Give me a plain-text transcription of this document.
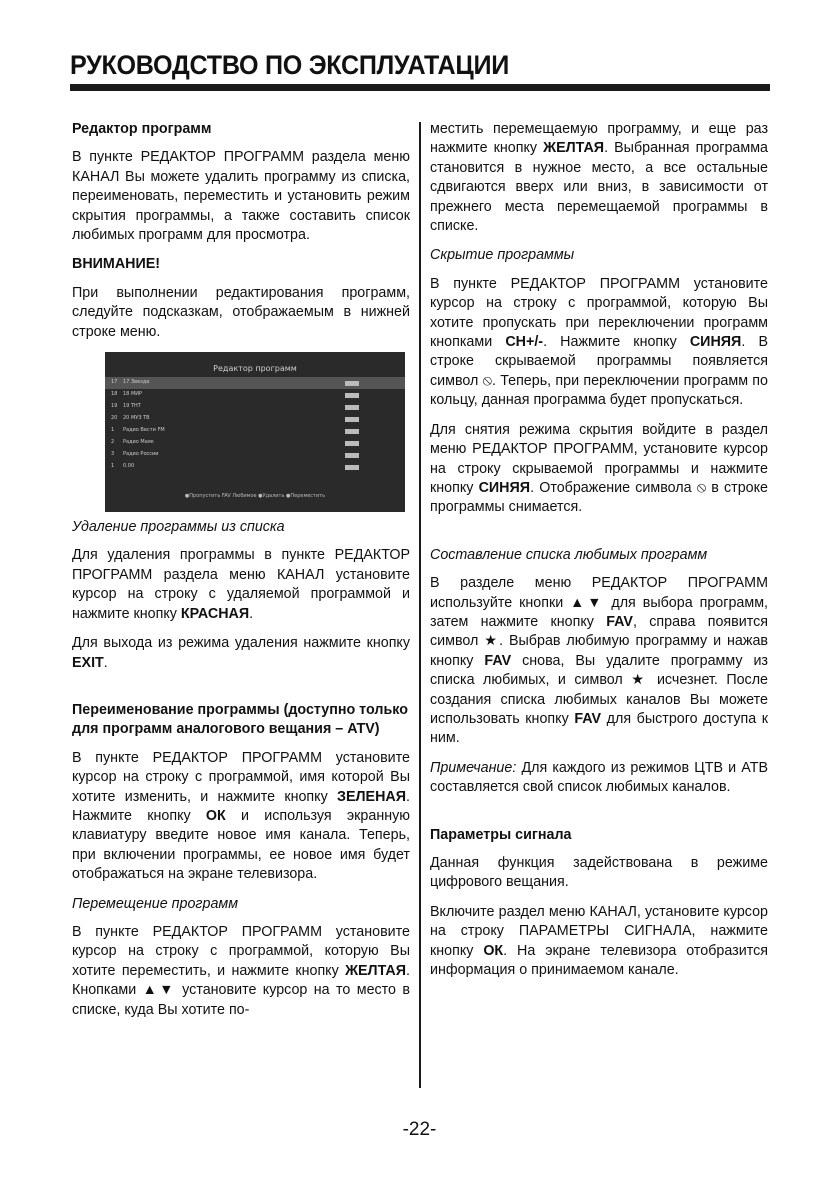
РУКОВОДСТВО ПО ЭКСПЛУАТАЦИИ
Редактор программ

В пункте РЕДАКТОР ПРОГРАММ раздела меню КАНАЛ Вы можете удалить программу из списка, переименовать, переместить и установить режим скрытия программы, а также составить список любимых программ для просмотра.

ВНИМАНИЕ!

При выполнении редактирования программ, следуйте подсказкам, отображаемым в нижней строке меню.

Редактор программ
17	17 Звезда
18	18 МИР
19	19 ТНТ
20	20 МУЗ ТВ
1	Радио Вести FM
2	Радио Маяк
3	Радио России
1	0.00
●Пропустить FAV Любимое ●Удалить ●Переместить

Удаление программы из списка

Для удаления программы в пункте РЕДАКТОР ПРОГРАММ раздела меню КАНАЛ установите курсор на строку с удаляемой программой и нажмите кнопку КРАСНАЯ.

Для выхода из режима удаления нажмите кнопку EXIT.

Переименование программы (доступно только для программ аналогового вещания – ATV)

В пункте РЕДАКТОР ПРОГРАММ установите курсор на строку с программой, имя которой Вы хотите изменить, и нажмите кнопку ЗЕЛЕНАЯ. Нажмите кнопку ОК и используя экранную клавиатуру введите новое имя канала. Теперь, при включении программы, ее новое имя будет отображаться на экране телевизора.

Перемещение программ

В пункте РЕДАКТОР ПРОГРАММ установите курсор на строку с программой, которую Вы хотите переместить, и нажмите кнопку ЖЕЛТАЯ. Кнопками ▲▼ установите курсор на то место в списке, куда Вы хотите по-

местить перемещаемую программу, и еще раз нажмите кнопку ЖЕЛТАЯ. Выбранная программа становится в нужное место, а все остальные сдвигаются вверх или вниз, в зависимости от прежнего места перемещаемой программы в списке.

Скрытие программы

В пункте РЕДАКТОР ПРОГРАММ установите курсор на строку с программой, которую Вы хотите пропускать при переключении программ кнопками CH+/-. Нажмите кнопку СИНЯЯ. В строке скрываемой программы появляется символ ⦸. Теперь, при переключении программ по кольцу, данная программа будет пропускаться.

Для снятия режима скрытия войдите в раздел меню РЕДАКТОР ПРОГРАММ, установите курсор на строку скрываемой программы и нажмите кнопку СИНЯЯ. Отображение символа ⦸ в строке программы снимается.

Составление списка любимых программ

В разделе меню РЕДАКТОР ПРОГРАММ используйте кнопки ▲▼ для выбора программ, затем нажмите кнопку FAV, справа появится символ ★. Выбрав любимую программу и нажав кнопку FAV снова, Вы удалите программу из списка любимых, и символ ★ исчезнет. После создания списка любимых каналов Вы можете использовать кнопку FAV для быстрого доступа к ним.

Примечание: Для каждого из режимов ЦТВ и АТВ составляется свой список любимых каналов.

Параметры сигнала

Данная функция задействована в режиме цифрового вещания.

Включите раздел меню КАНАЛ, установите курсор на строку ПАРАМЕТРЫ СИГНАЛА, нажмите кнопку ОК. На экране телевизора отобразится информация о принимаемом канале.

-22-
